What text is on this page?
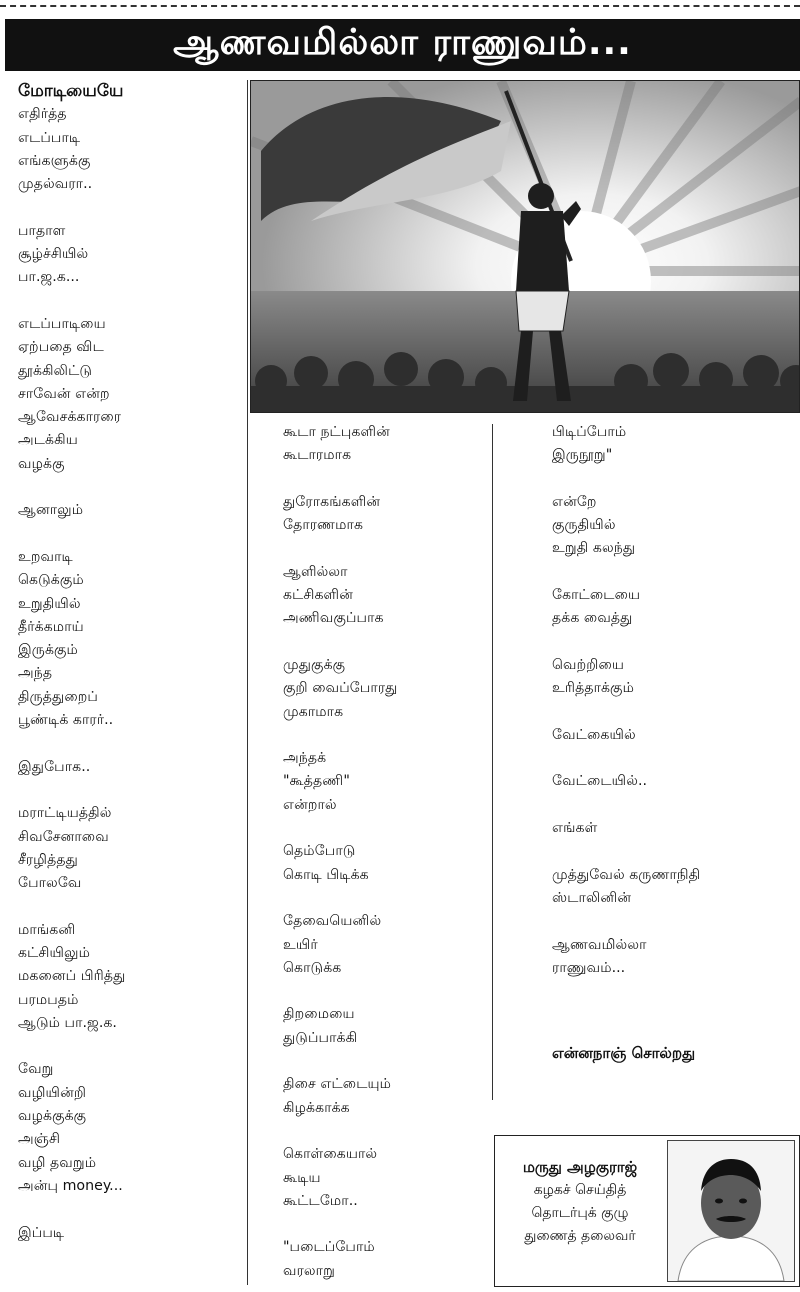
ஆணவமில்லா ராணுவம்...
மோடியையே
எதிர்த்த
எடப்பாடி
எங்களுக்கு
முதல்வரா..
பாதாள
சூழ்ச்சியில்
பா.ஜ.க...
எடப்பாடியை
ஏற்பதை விட
தூக்கிலிட்டு
சாவேன் என்ற
ஆவேசக்காரரை
அடக்கிய
வழக்கு
ஆனாலும்
உறவாடி
கெடுக்கும்
உறுதியில்
தீர்க்கமாய்
இருக்கும்
அந்த
திருத்துறைப்
பூண்டிக் காரர்..
இதுபோக..
மராட்டியத்தில்
சிவசேனாவை
சீரழித்தது
போலவே
மாங்கனி
கட்சியிலும்
மகனைப் பிரித்து
பரமபதம்
ஆடும் பா.ஜ.க.
வேறு
வழியின்றி
வழக்குக்கு
அஞ்சி
வழி தவறும்
அன்பு money...
இப்படி
கூடா நட்புகளின்
கூடாரமாக
துரோகங்களின்
தோரணமாக
ஆளில்லா
கட்சிகளின்
அணிவகுப்பாக
முதுகுக்கு
குறி வைப்போரது
முகாமாக
அந்தக்
"கூத்தணி"
என்றால்
தெம்போடு
கொடி பிடிக்க
தேவையெனில்
உயிர்
கொடுக்க
திறமையை
துடுப்பாக்கி
திசை எட்டையும்
கிழக்காக்க
கொள்கையால்
கூடிய
கூட்டமோ..
"படைப்போம்
வரலாறு
பிடிப்போம்
இருநூறு"
என்றே
குருதியில்
உறுதி கலந்து
கோட்டையை
தக்க வைத்து
வெற்றியை
உரித்தாக்கும்
வேட்கையில்
வேட்டையில்..
எங்கள்
முத்துவேல் கருணாநிதி
ஸ்டாலினின்
ஆணவமில்லா
ராணுவம்...
என்னநாஞ் சொல்றது
மருது அழகுராஜ்
கழகச் செய்தித்
தொடர்புக் குழு
துணைத் தலைவர்
